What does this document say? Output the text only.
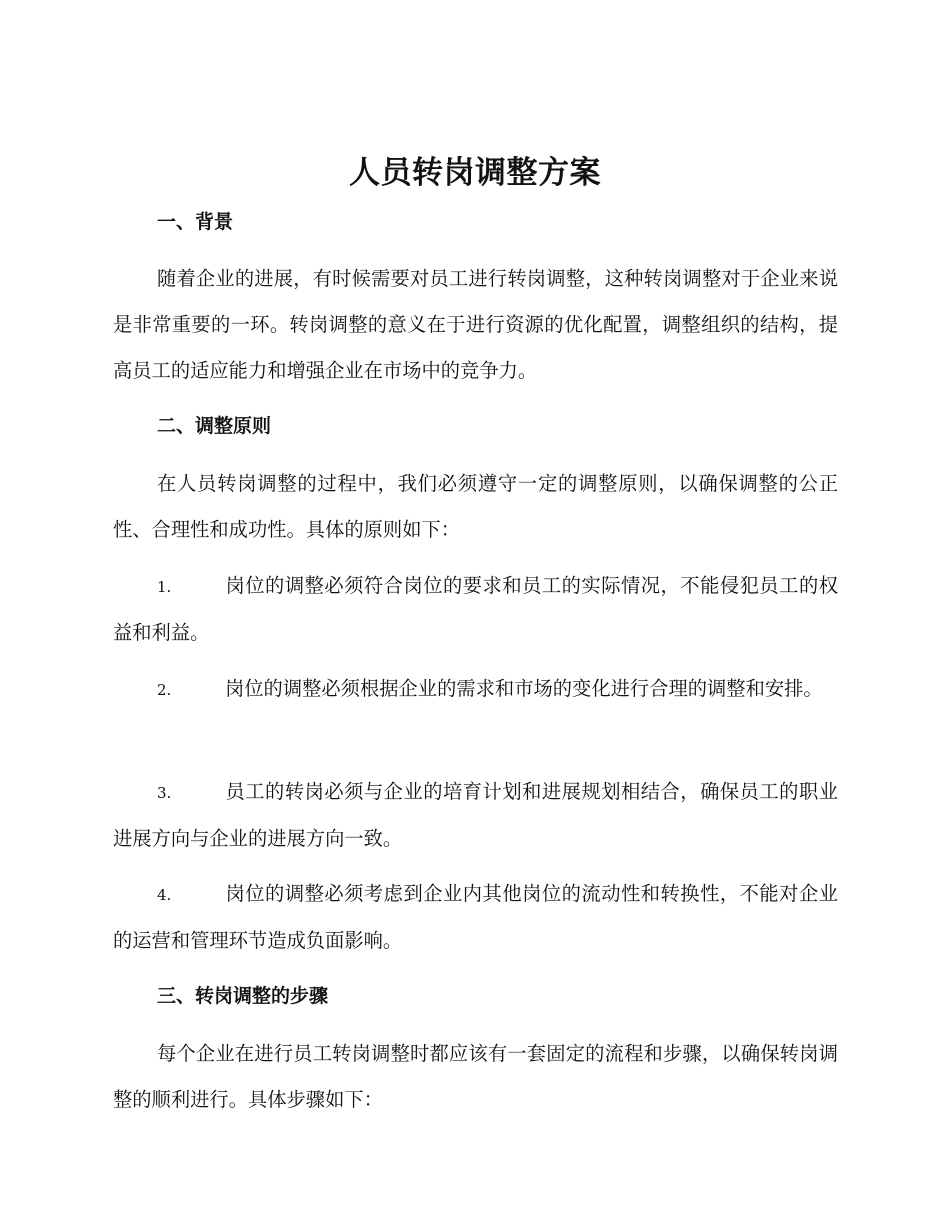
人员转岗调整方案
一、背景

随着企业的进展，有时候需要对员工进行转岗调整，这种转岗调整对于企业来说是非常重要的一环。转岗调整的意义在于进行资源的优化配置，调整组织的结构，提高员工的适应能力和增强企业在市场中的竞争力。

二、调整原则

在人员转岗调整的过程中，我们必须遵守一定的调整原则，以确保调整的公正性、合理性和成功性。具体的原则如下：

1.	岗位的调整必须符合岗位的要求和员工的实际情况，不能侵犯员工的权益和利益。

2.	岗位的调整必须根据企业的需求和市场的变化进行合理的调整和安排。

3.	员工的转岗必须与企业的培育计划和进展规划相结合，确保员工的职业进展方向与企业的进展方向一致。

4.	岗位的调整必须考虑到企业内其他岗位的流动性和转换性，不能对企业的运营和管理环节造成负面影响。

三、转岗调整的步骤

每个企业在进行员工转岗调整时都应该有一套固定的流程和步骤，以确保转岗调整的顺利进行。具体步骤如下：
